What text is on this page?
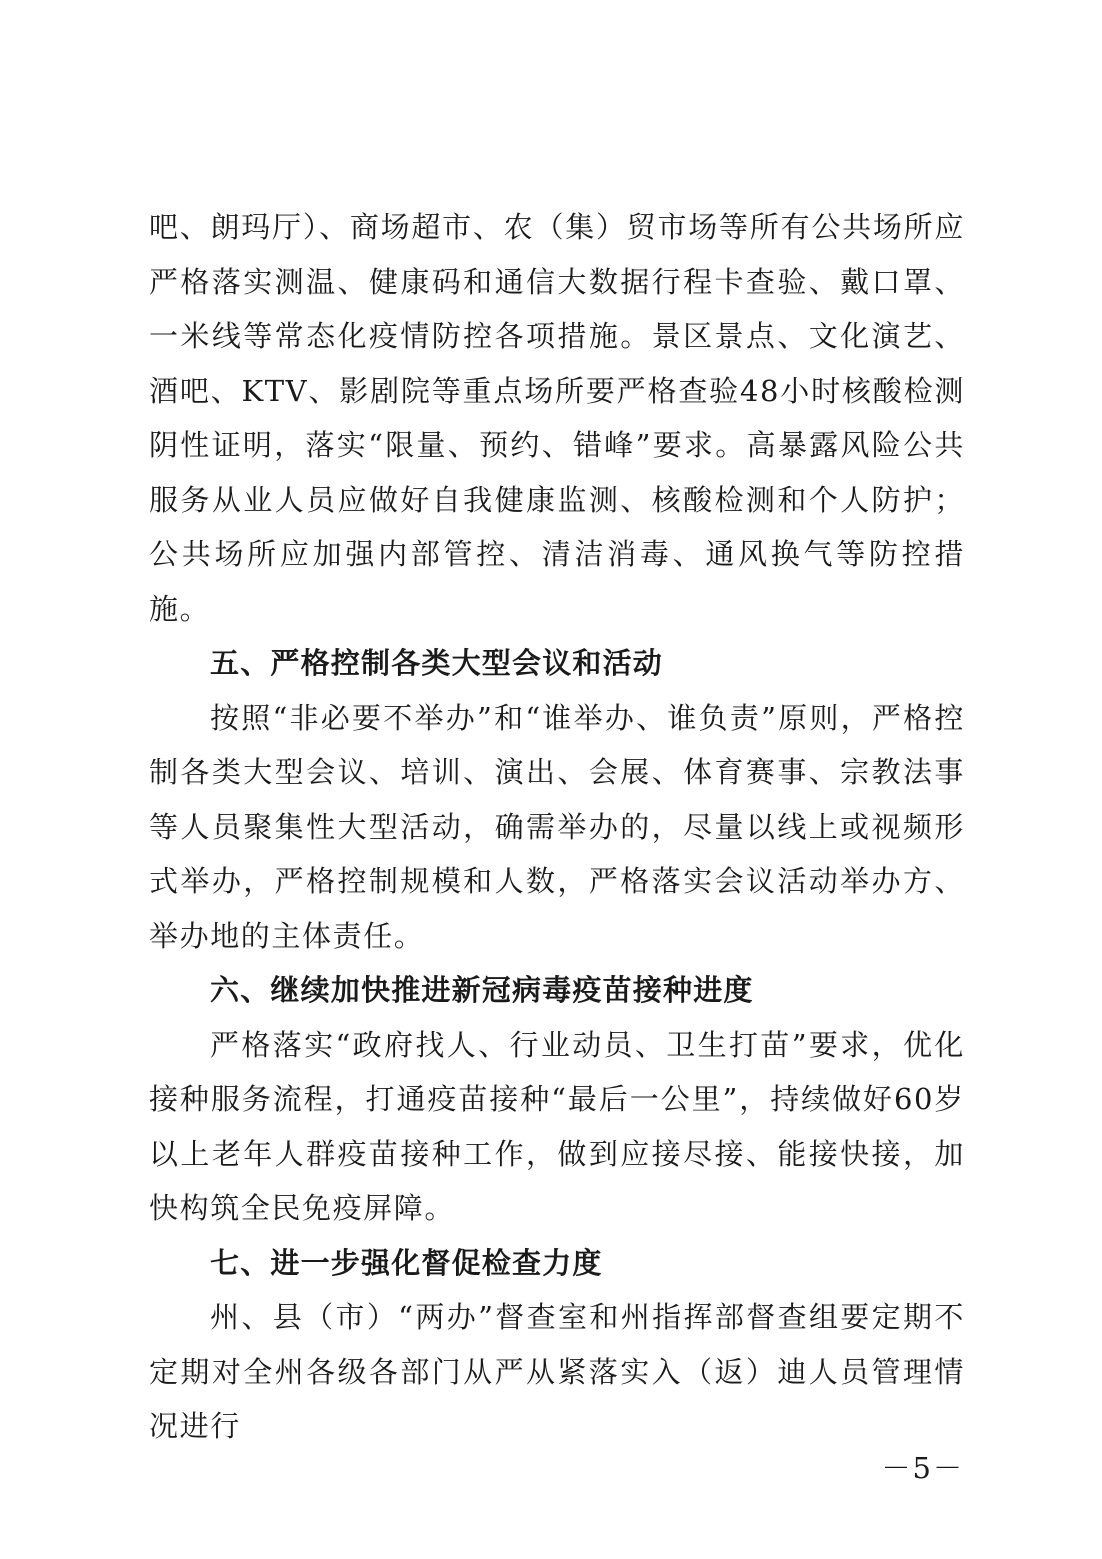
吧、朗玛厅）、商场超市、农（集）贸市场等所有公共场所应严格落实测温、健康码和通信大数据行程卡查验、戴口罩、一米线等常态化疫情防控各项措施。景区景点、文化演艺、酒吧、KTV、影剧院等重点场所要严格查验48小时核酸检测阴性证明，落实“限量、预约、错峰”要求。高暴露风险公共服务从业人员应做好自我健康监测、核酸检测和个人防护；公共场所应加强内部管控、清洁消毒、通风换气等防控措施。

五、严格控制各类大型会议和活动

按照“非必要不举办”和“谁举办、谁负责”原则，严格控制各类大型会议、培训、演出、会展、体育赛事、宗教法事等人员聚集性大型活动，确需举办的，尽量以线上或视频形式举办，严格控制规模和人数，严格落实会议活动举办方、举办地的主体责任。

六、继续加快推进新冠病毒疫苗接种进度

严格落实“政府找人、行业动员、卫生打苗”要求，优化接种服务流程，打通疫苗接种“最后一公里”，持续做好60岁以上老年人群疫苗接种工作，做到应接尽接、能接快接，加快构筑全民免疫屏障。

七、进一步强化督促检查力度

州、县（市）“两办”督查室和州指挥部督查组要定期不定期对全州各级各部门从严从紧落实入（返）迪人员管理情况进行

－5－
